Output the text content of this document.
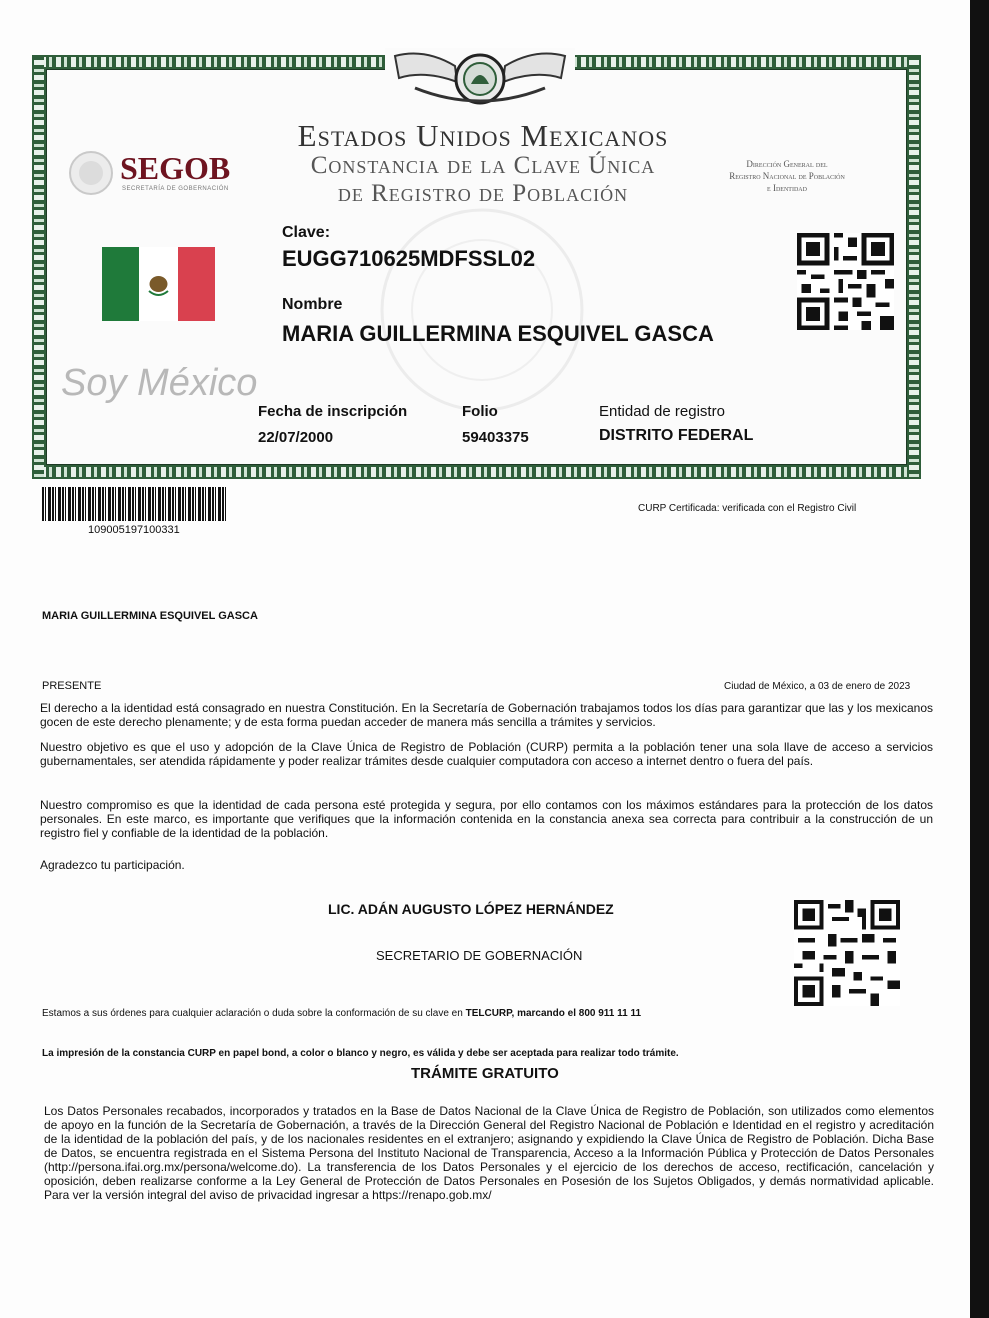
SEGOB
SECRETARÍA DE GOBERNACIÓN
Estados Unidos Mexicanos
Constancia de la Clave Única
de Registro de Población
Dirección General del
Registro Nacional de Población
e Identidad
Clave:
EUGG710625MDFSSL02
Nombre
MARIA GUILLERMINA ESQUIVEL GASCA
Soy México
Fecha de inscripción
22/07/2000
Folio
59403375
Entidad de registro
DISTRITO FEDERAL
109005197100331
CURP Certificada: verificada con el Registro Civil
MARIA GUILLERMINA ESQUIVEL GASCA
PRESENTE	Ciudad de México, a 03 de enero de 2023
El derecho a la identidad está consagrado en nuestra Constitución. En la Secretaría de Gobernación trabajamos todos los días para garantizar que las y los mexicanos gocen de este derecho plenamente; y de esta forma puedan acceder de manera más sencilla a trámites y servicios.
Nuestro objetivo es que el uso y adopción de la Clave Única de Registro de Población (CURP) permita a la población tener una sola llave de acceso a servicios gubernamentales, ser atendida rápidamente y poder realizar trámites desde cualquier computadora con acceso a internet dentro o fuera del país.
Nuestro compromiso es que la identidad de cada persona esté protegida y segura, por ello contamos con los máximos estándares para la protección de los datos personales. En este marco, es importante que verifiques que la información contenida en la constancia anexa sea correcta para contribuir a la construcción de un registro fiel y confiable de la identidad de la población.
Agradezco tu participación.
LIC. ADÁN AUGUSTO LÓPEZ HERNÁNDEZ
SECRETARIO DE GOBERNACIÓN
Estamos a sus órdenes para cualquier aclaración o duda sobre la conformación de su clave en TELCURP, marcando el 800 911 11 11
La impresión de la constancia CURP en papel bond, a color o blanco y negro, es válida y debe ser aceptada para realizar todo trámite.
TRÁMITE GRATUITO
Los Datos Personales recabados, incorporados y tratados en la Base de Datos Nacional de la Clave Única de Registro de Población, son utilizados como elementos de apoyo en la función de la Secretaría de Gobernación, a través de la Dirección General del Registro Nacional de Población e Identidad en el registro y acreditación de la identidad de la población del país, y de los nacionales residentes en el extranjero; asignando y expidiendo la Clave Única de Registro de Población. Dicha Base de Datos, se encuentra registrada en el Sistema Persona del Instituto Nacional de Transparencia, Acceso a la Información Pública y Protección de Datos Personales (http://persona.ifai.org.mx/persona/welcome.do). La transferencia de los Datos Personales y el ejercicio de los derechos de acceso, rectificación, cancelación y oposición, deben realizarse conforme a la Ley General de Protección de Datos Personales en Posesión de los Sujetos Obligados, y demás normatividad aplicable. Para ver la versión integral del aviso de privacidad ingresar a https://renapo.gob.mx/
